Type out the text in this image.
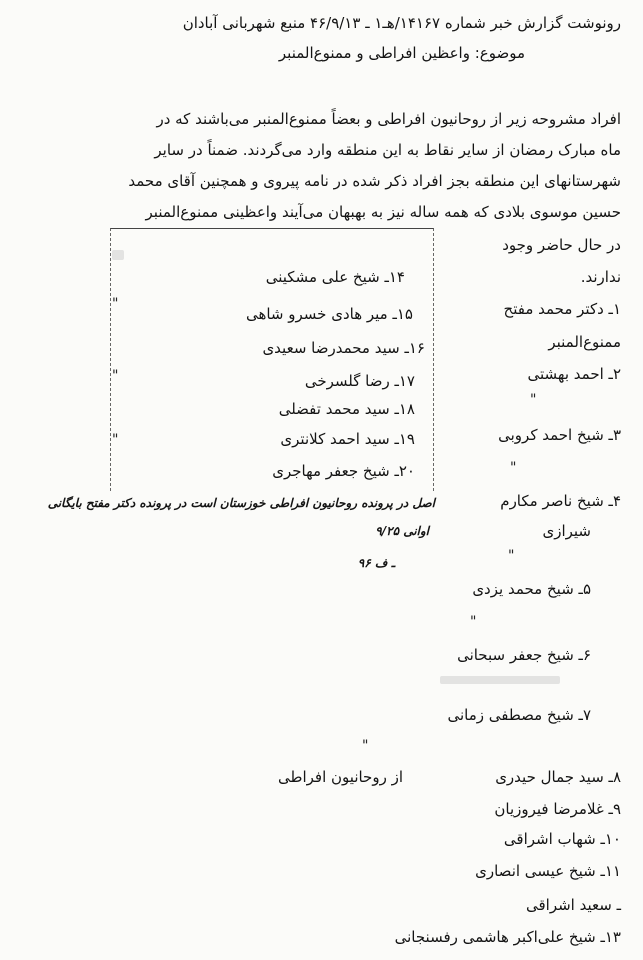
رونوشت گزارش خبر شماره ۱۴۱۶۷/هـ۱ ـ ۴۶/۹/۱۳ منبع شهربانی آبادان
موضوع: واعظین افراطی و ممنوع‌المنبر
افراد مشروحه زیر از روحانیون افراطی و بعضاً ممنوع‌المنبر می‌باشند که در
ماه مبارک رمضان از سایر نقاط به این منطقه وارد می‌گردند. ضمناً در سایر
شهرستانهای این منطقه بجز افراد ذکر شده در نامه پیروی و همچنین آقای محمد
حسین موسوی بلادی که همه ساله نیز به بهبهان می‌آیند واعظینی ممنوع‌المنبر
در حال حاضر وجود
ندارند.
۱۴ـ شیخ علی مشکینی
۱۵ـ میر هادی خسرو شاهی
۱۶ـ سید محمدرضا سعیدی
۱۷ـ رضا گلسرخی
۱۸ـ سید محمد تفضلی
۱۹ـ سید احمد کلانتری
۲۰ـ شیخ جعفر مهاجری
"
"
"
اصل در پرونده روحانیون افراطی خوزستان است در پرونده دکتر مفتح بایگانی
اوانی ۹/۲۵
ـ ف ۹۶
۱ـ دکتر محمد مفتح
ممنوع‌المنبر
۲ـ احمد بهشتی
"
۳ـ شیخ احمد کروبی
"
۴ـ شیخ ناصر مکارم
شیرازی
"
۵ـ شیخ محمد یزدی
"
۶ـ شیخ جعفر سبحانی
۷ـ شیخ مصطفی زمانی
"
۸ـ سید جمال حیدری
از روحانیون افراطی
۹ـ غلامرضا فیروزیان
۱۰ـ شهاب اشراقی
۱۱ـ شیخ عیسی انصاری
ـ سعید اشراقی
۱۳ـ شیخ علی‌اکبر هاشمی رفسنجانی
